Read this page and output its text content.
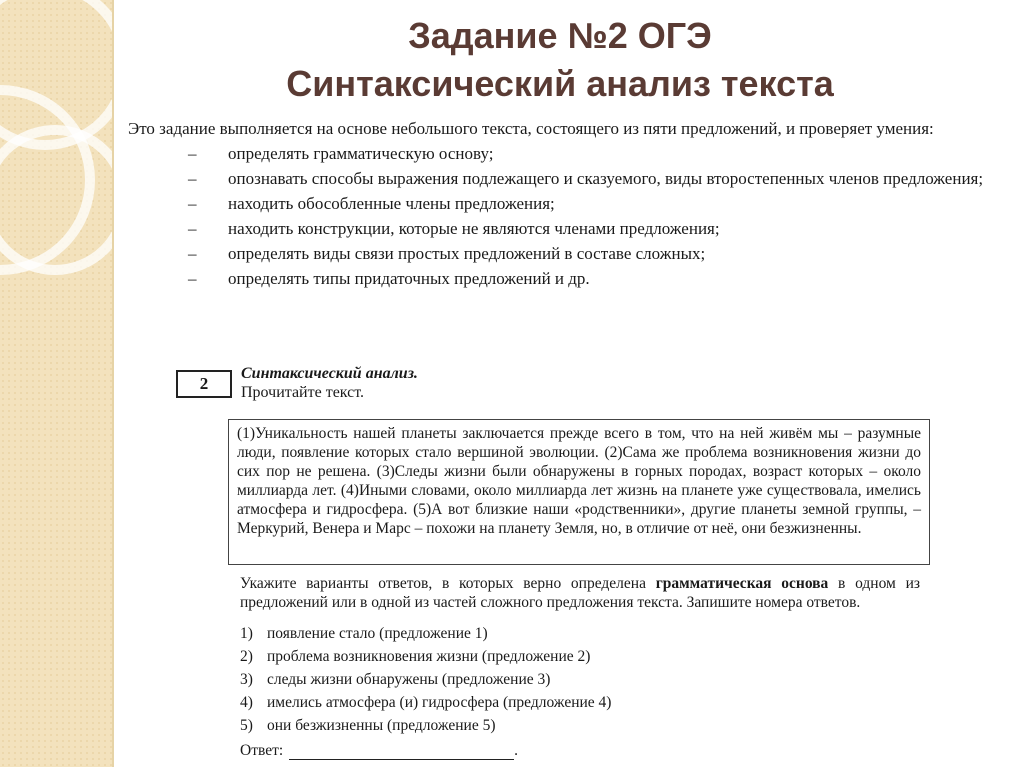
Задание №2 ОГЭ
Синтаксический анализ текста

Это задание выполняется на основе небольшого текста, состоящего из пяти предложений, и проверяет умения:

– определять грамматическую основу;
– опознавать способы выражения подлежащего и сказуемого, виды второстепенных членов предложения;
– находить обособленные члены предложения;
– находить конструкции, которые не являются членами предложения;
– определять виды связи простых предложений в составе сложных;
– определять типы придаточных предложений и др.
2
Синтаксический анализ.
Прочитайте текст.
(1)Уникальность нашей планеты заключается прежде всего в том, что на ней живём мы – разумные люди, появление которых стало вершиной эволюции. (2)Сама же проблема возникновения жизни до сих пор не решена. (3)Следы жизни были обнаружены в горных породах, возраст которых – около миллиарда лет. (4)Иными словами, около миллиарда лет жизнь на планете уже существовала, имелись атмосфера и гидросфера. (5)А вот близкие наши «родственники», другие планеты земной группы, – Меркурий, Венера и Марс – похожи на планету Земля, но, в отличие от неё, они безжизненны.
Укажите варианты ответов, в которых верно определена грамматическая основа в одном из предложений или в одной из частей сложного предложения текста. Запишите номера ответов.
1) появление стало (предложение 1)
2) проблема возникновения жизни (предложение 2)
3) следы жизни обнаружены (предложение 3)
4) имелись атмосфера (и) гидросфера (предложение 4)
5) они безжизненны (предложение 5)
Ответ:	.
